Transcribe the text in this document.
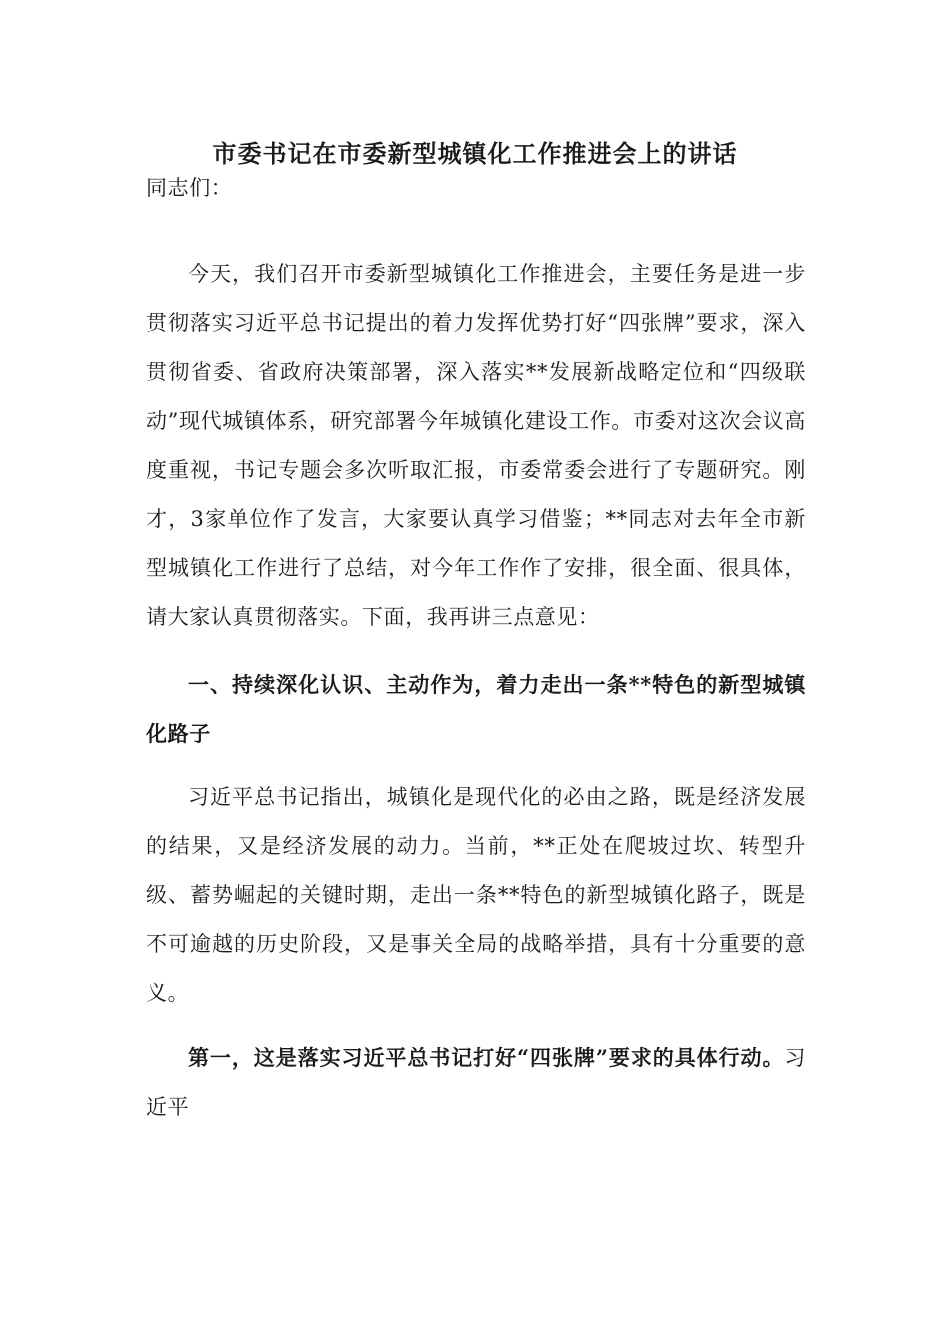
市委书记在市委新型城镇化工作推进会上的讲话

同志们：

今天，我们召开市委新型城镇化工作推进会，主要任务是进一步贯彻落实习近平总书记提出的着力发挥优势打好“四张牌”要求，深入贯彻省委、省政府决策部署，深入落实**发展新战略定位和“四级联动”现代城镇体系，研究部署今年城镇化建设工作。市委对这次会议高度重视，书记专题会多次听取汇报，市委常委会进行了专题研究。刚才，3家单位作了发言，大家要认真学习借鉴；**同志对去年全市新型城镇化工作进行了总结，对今年工作作了安排，很全面、很具体，请大家认真贯彻落实。下面，我再讲三点意见：

一、持续深化认识、主动作为，着力走出一条**特色的新型城镇化路子

习近平总书记指出，城镇化是现代化的必由之路，既是经济发展的结果，又是经济发展的动力。当前，**正处在爬坡过坎、转型升级、蓄势崛起的关键时期，走出一条**特色的新型城镇化路子，既是不可逾越的历史阶段，又是事关全局的战略举措，具有十分重要的意义。

第一，这是落实习近平总书记打好“四张牌”要求的具体行动。习近平
